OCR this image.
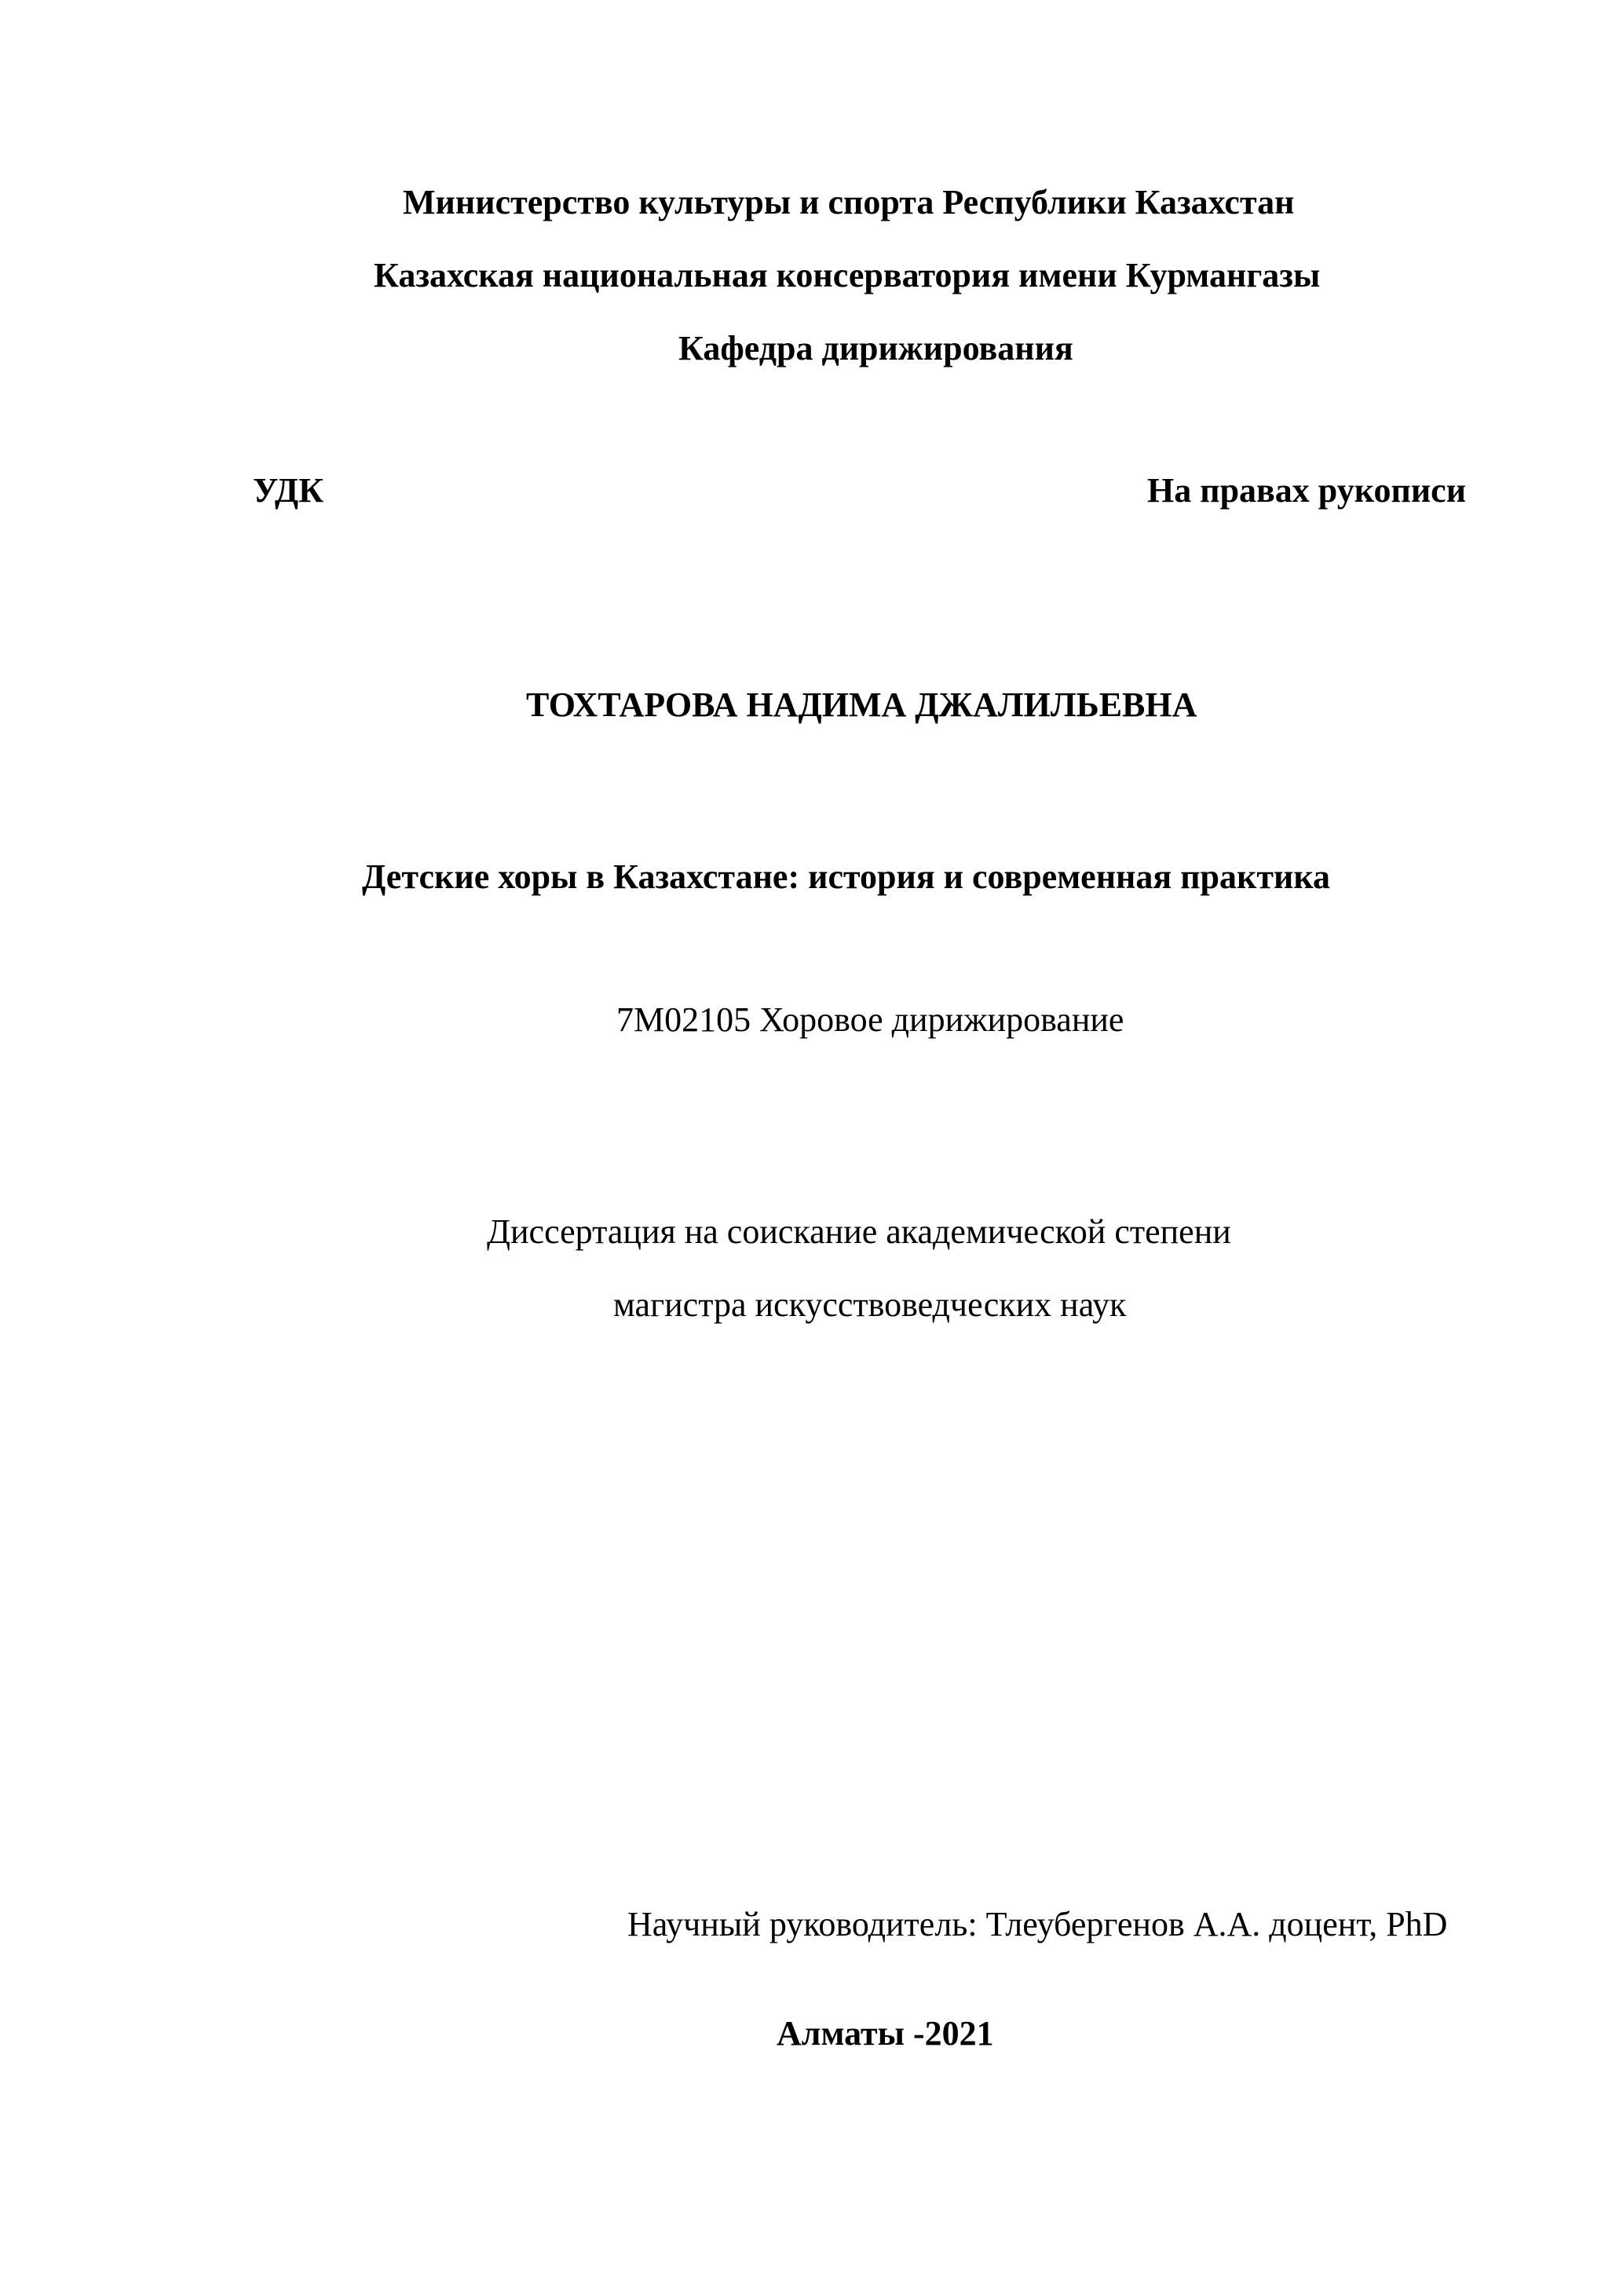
Министерство культуры и спорта Республики Казахстан
Казахская национальная консерватория имени Курмангазы
Кафедра дирижирования
УДК	На правах рукописи
ТОХТАРОВА НАДИМА ДЖАЛИЛЬЕВНА
Детские хоры в Казахстане: история и современная практика
7М02105 Хоровое дирижирование
Диссертация на соискание академической степени
магистра искусствоведческих наук
Научный руководитель: Тлеубергенов А.А. доцент, PhD
Алматы -2021
